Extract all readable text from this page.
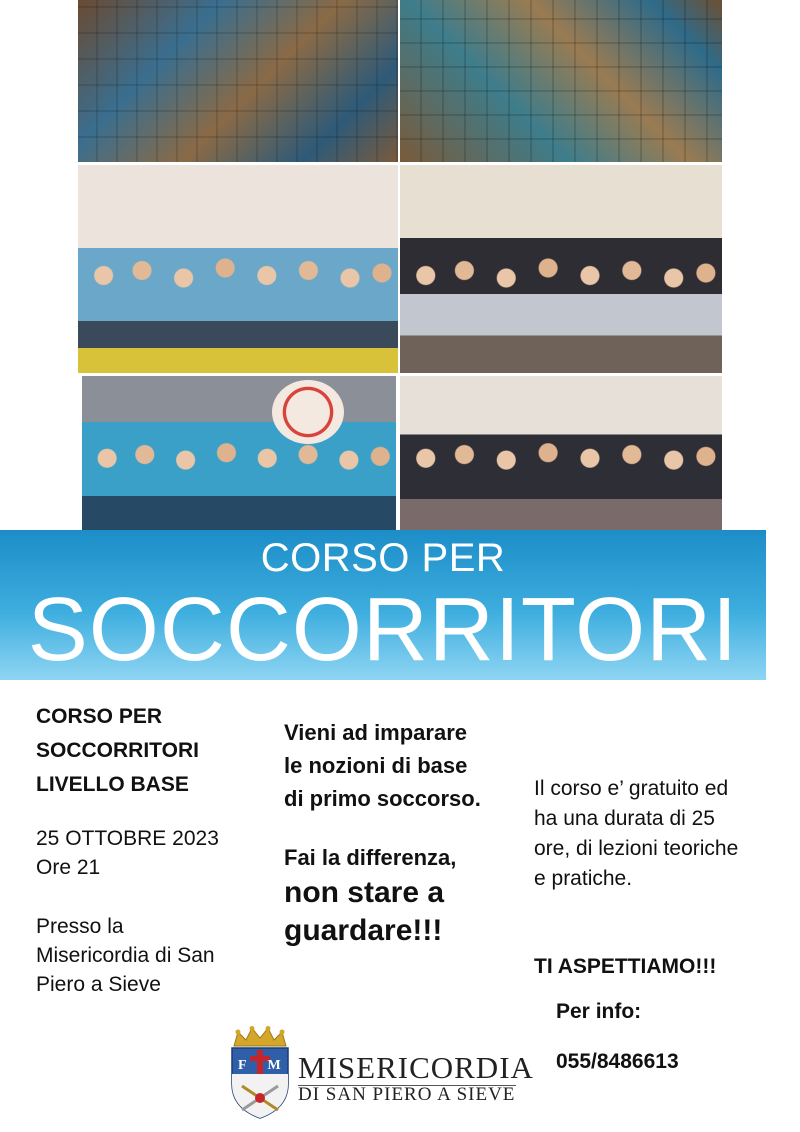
CORSO PER
SOCCORRITORI

CORSO PER

SOCCORRITORI

LIVELLO BASE

25 OTTOBRE 2023

Ore 21

Presso la

Misericordia di San

Piero a Sieve

Vieni ad imparare

le nozioni di base

di primo soccorso.

Fai la differenza,

non stare a

guardare!!!

Il corso e’ gratuito ed

ha una durata di 25

ore, di lezioni teoriche

e pratiche.

TI ASPETTIAMO!!!

Per info:

055/8486613

F M MISERICORDIA
DI SAN PIERO A SIEVE
